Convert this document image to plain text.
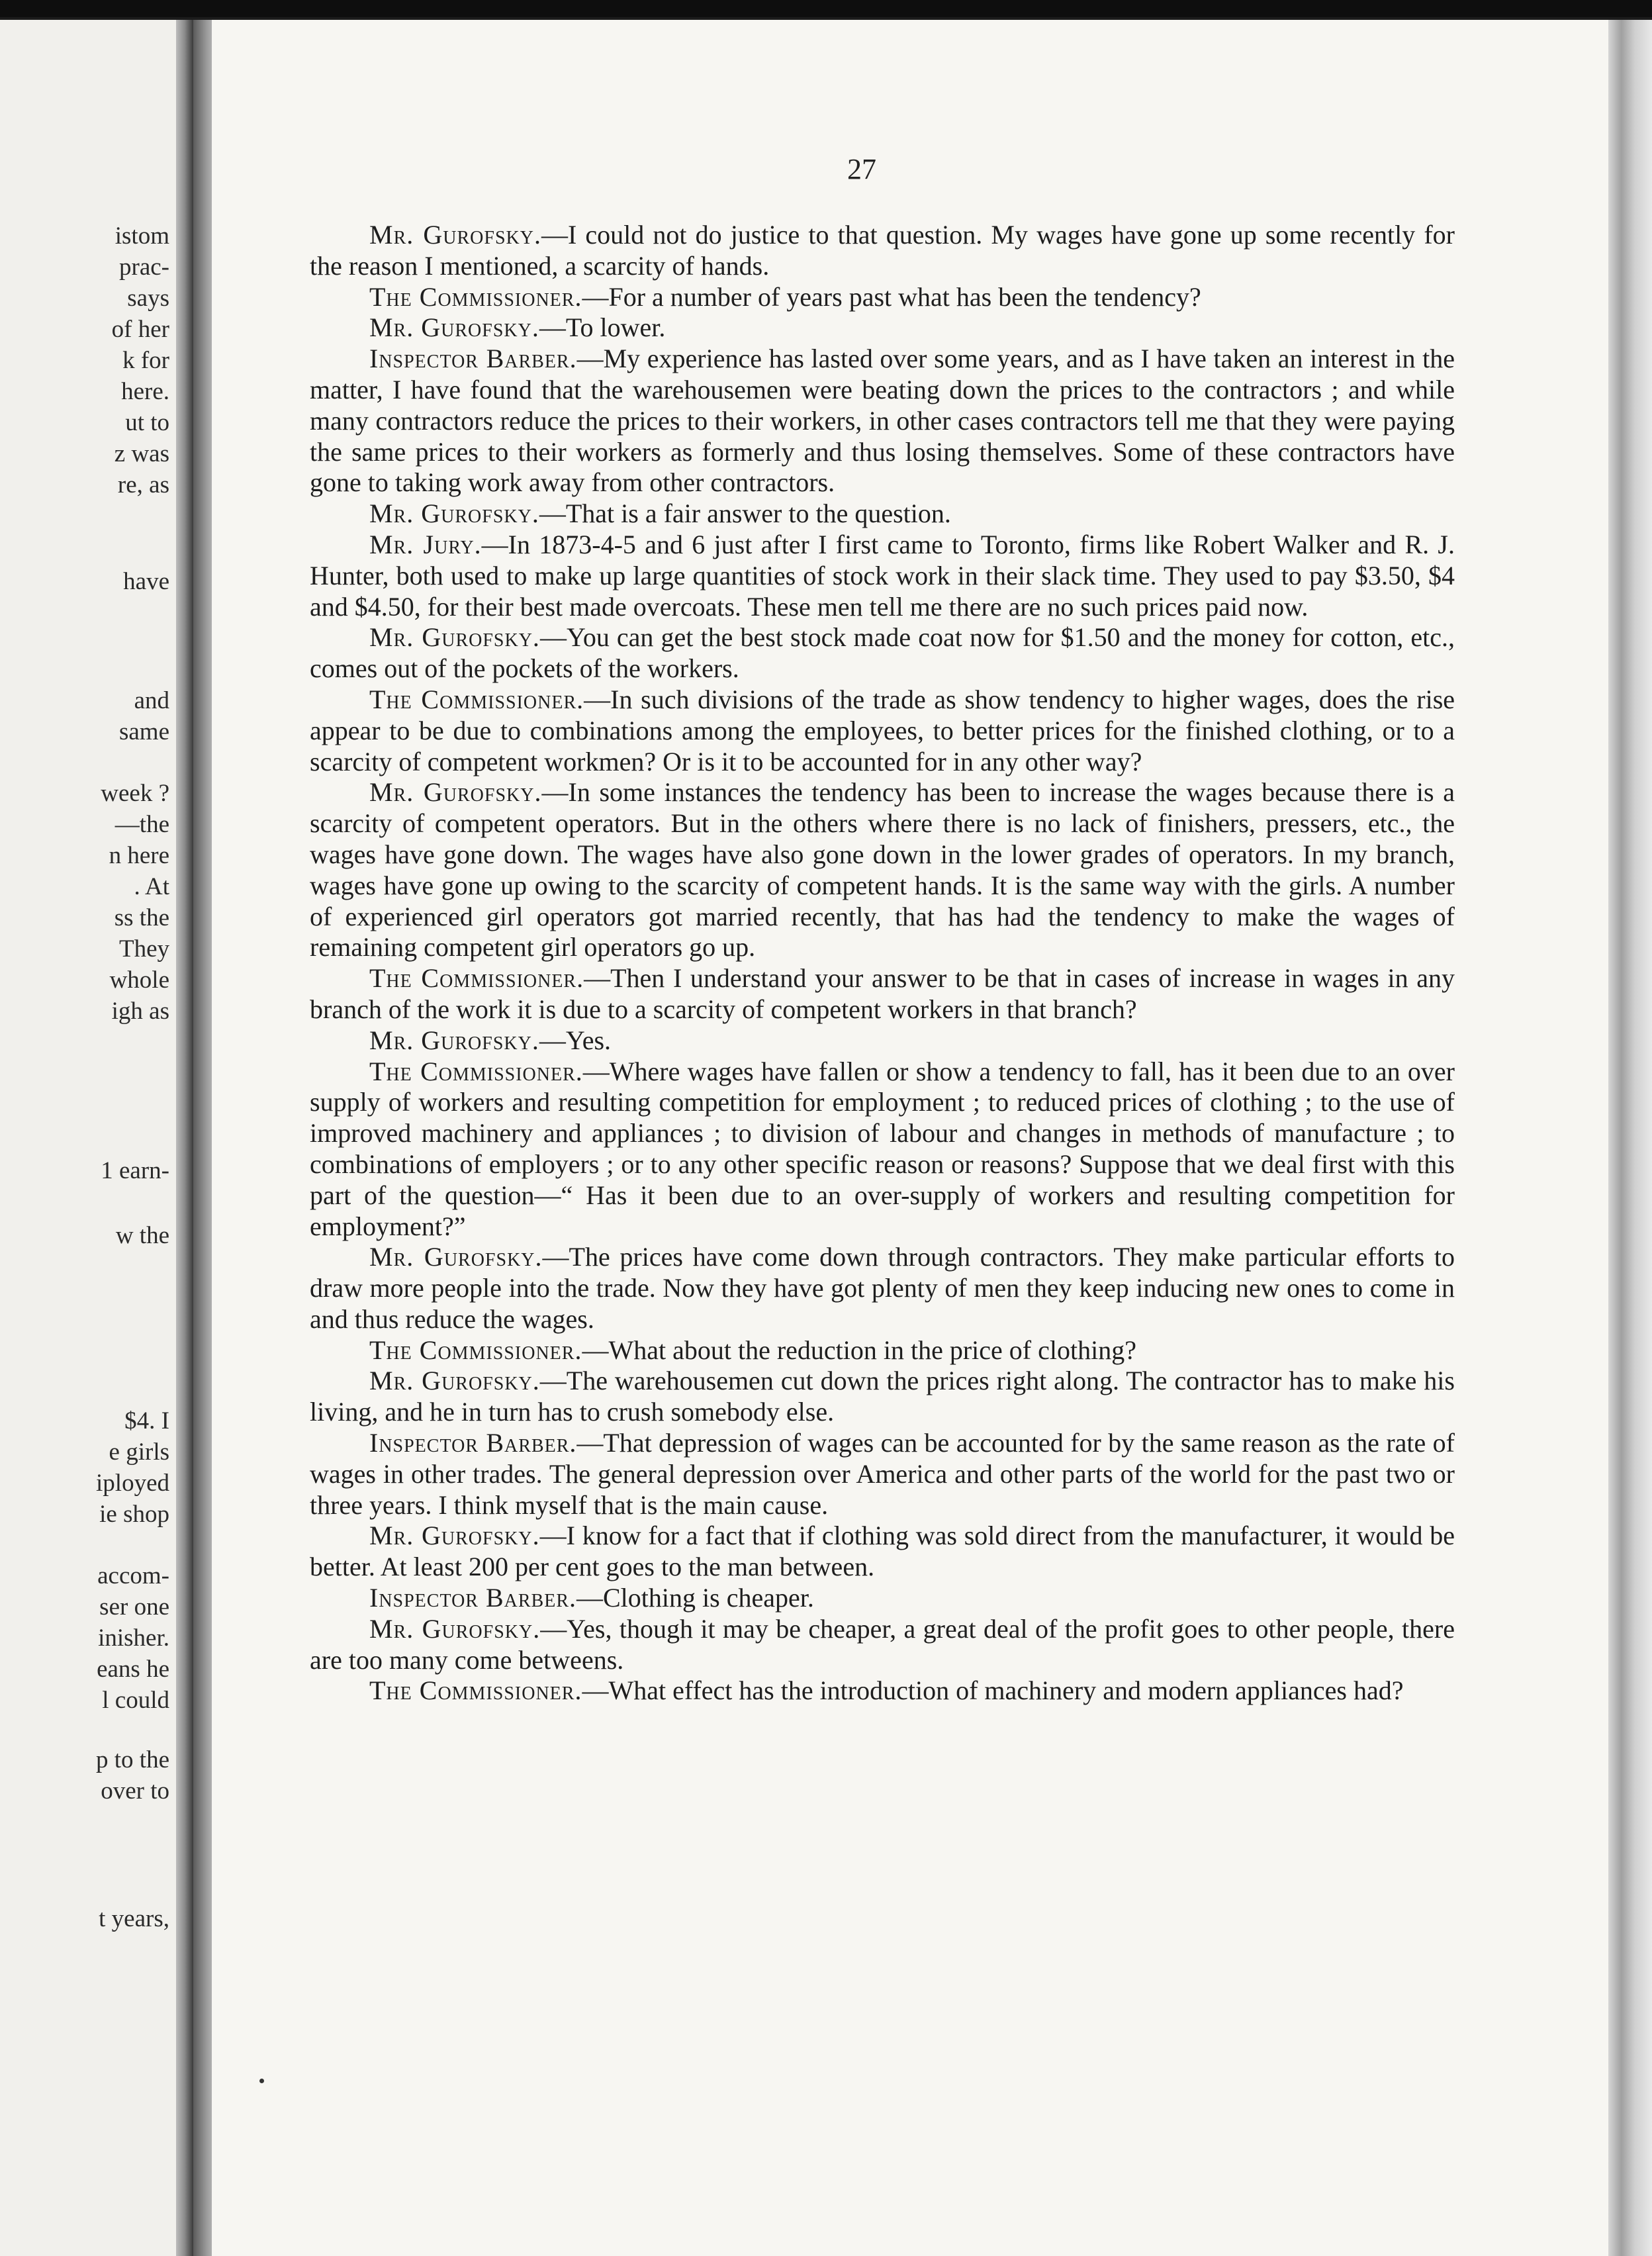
istom
prac-
says
of her
k for
here.
ut to
z was
re, as
have
and
same
week ?
—the
n here
. At
ss the
They
whole
igh as
1 earn-
w the
$4. I
e girls
iployed
ie shop
accom-
ser one
inisher.
eans he
l could
p to the
over to
t years,
27

Mr. Gurofsky.—I could not do justice to that question. My wages have gone up some recently for the reason I mentioned, a scarcity of hands.

The Commissioner.—For a number of years past what has been the tendency?

Mr. Gurofsky.—To lower.

Inspector Barber.—My experience has lasted over some years, and as I have taken an interest in the matter, I have found that the warehousemen were beating down the prices to the contractors ; and while many contractors reduce the prices to their workers, in other cases contractors tell me that they were paying the same prices to their workers as formerly and thus losing themselves. Some of these contractors have gone to taking work away from other contractors.

Mr. Gurofsky.—That is a fair answer to the question.

Mr. Jury.—In 1873-4-5 and 6 just after I first came to Toronto, firms like Robert Walker and R. J. Hunter, both used to make up large quantities of stock work in their slack time. They used to pay $3.50, $4 and $4.50, for their best made overcoats. These men tell me there are no such prices paid now.

Mr. Gurofsky.—You can get the best stock made coat now for $1.50 and the money for cotton, etc., comes out of the pockets of the workers.

The Commissioner.—In such divisions of the trade as show tendency to higher wages, does the rise appear to be due to combinations among the employees, to better prices for the finished clothing, or to a scarcity of competent workmen? Or is it to be accounted for in any other way?

Mr. Gurofsky.—In some instances the tendency has been to increase the wages because there is a scarcity of competent operators. But in the others where there is no lack of finishers, pressers, etc., the wages have gone down. The wages have also gone down in the lower grades of operators. In my branch, wages have gone up owing to the scarcity of competent hands. It is the same way with the girls. A number of experienced girl operators got married recently, that has had the tendency to make the wages of remaining competent girl operators go up.

The Commissioner.—Then I understand your answer to be that in cases of increase in wages in any branch of the work it is due to a scarcity of competent workers in that branch?

Mr. Gurofsky.—Yes.

The Commissioner.—Where wages have fallen or show a tendency to fall, has it been due to an over supply of workers and resulting competition for employment ; to reduced prices of clothing ; to the use of improved machinery and appliances ; to division of labour and changes in methods of manufacture ; to combinations of employers ; or to any other specific reason or reasons? Suppose that we deal first with this part of the question—“ Has it been due to an over-supply of workers and resulting competition for employment?”

Mr. Gurofsky.—The prices have come down through contractors. They make particular efforts to draw more people into the trade. Now they have got plenty of men they keep inducing new ones to come in and thus reduce the wages.

The Commissioner.—What about the reduction in the price of clothing?

Mr. Gurofsky.—The warehousemen cut down the prices right along. The contractor has to make his living, and he in turn has to crush somebody else.

Inspector Barber.—That depression of wages can be accounted for by the same reason as the rate of wages in other trades. The general depression over America and other parts of the world for the past two or three years. I think myself that is the main cause.

Mr. Gurofsky.—I know for a fact that if clothing was sold direct from the manufacturer, it would be better. At least 200 per cent goes to the man between.

Inspector Barber.—Clothing is cheaper.

Mr. Gurofsky.—Yes, though it may be cheaper, a great deal of the profit goes to other people, there are too many come betweens.

The Commissioner.—What effect has the introduction of machinery and modern appliances had?
